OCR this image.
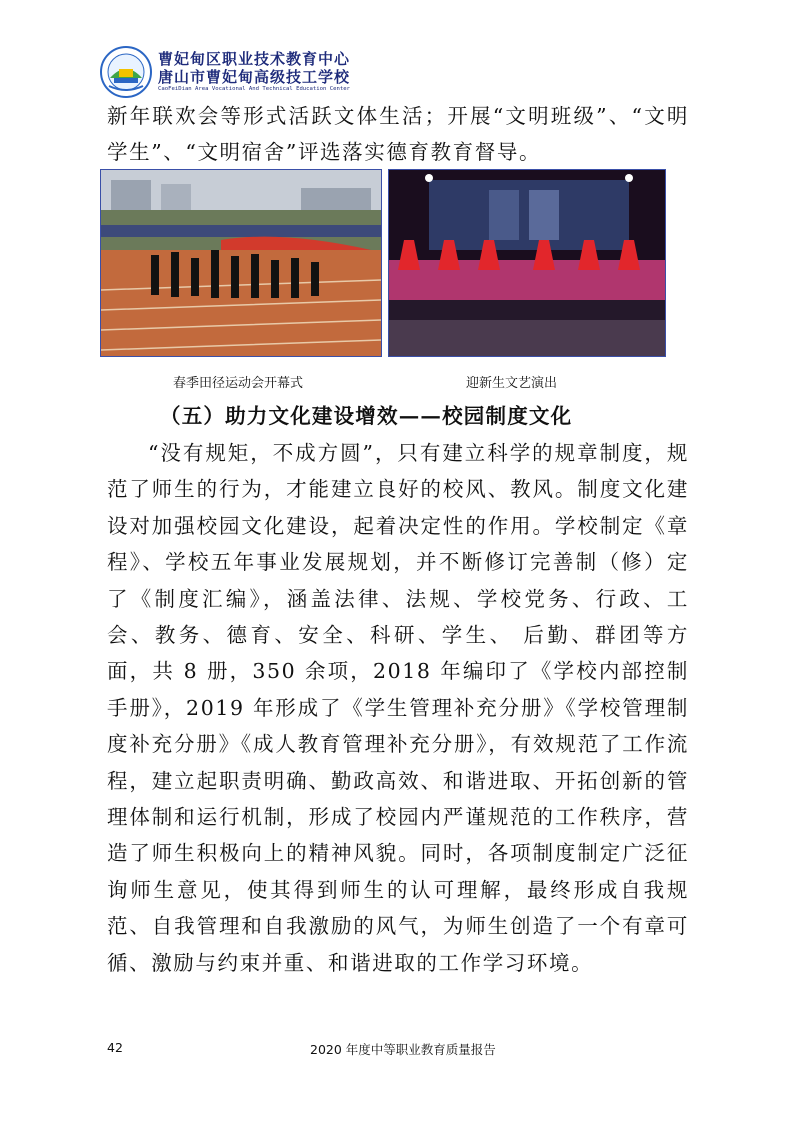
曹妃甸区职业技术教育中心
唐山市曹妃甸高级技工学校
CaoFeiDian Area Vocational And Technical Education Center

新年联欢会等形式活跃文体生活；开展“文明班级”、“文明学生”、“文明宿舍”评选落实德育教育督导。

春季田径运动会开幕式	迎新生文艺演出
（五）助力文化建设增效——校园制度文化

“没有规矩，不成方圆”，只有建立科学的规章制度，规范了师生的行为，才能建立良好的校风、教风。制度文化建设对加强校园文化建设，起着决定性的作用。学校制定《章程》、学校五年事业发展规划，并不断修订完善制（修）定了《制度汇编》，涵盖法律、法规、学校党务、行政、工会、教务、德育、安全、科研、学生、 后勤、群团等方面，共 8 册，350 余项，2018 年编印了《学校内部控制手册》，2019 年形成了《学生管理补充分册》《学校管理制度补充分册》《成人教育管理补充分册》，有效规范了工作流程，建立起职责明确、勤政高效、和谐进取、开拓创新的管理体制和运行机制，形成了校园内严谨规范的工作秩序，营造了师生积极向上的精神风貌。同时，各项制度制定广泛征询师生意见，使其得到师生的认可理解，最终形成自我规范、自我管理和自我激励的风气，为师生创造了一个有章可循、激励与约束并重、和谐进取的工作学习环境。

42	2020 年度中等职业教育质量报告
